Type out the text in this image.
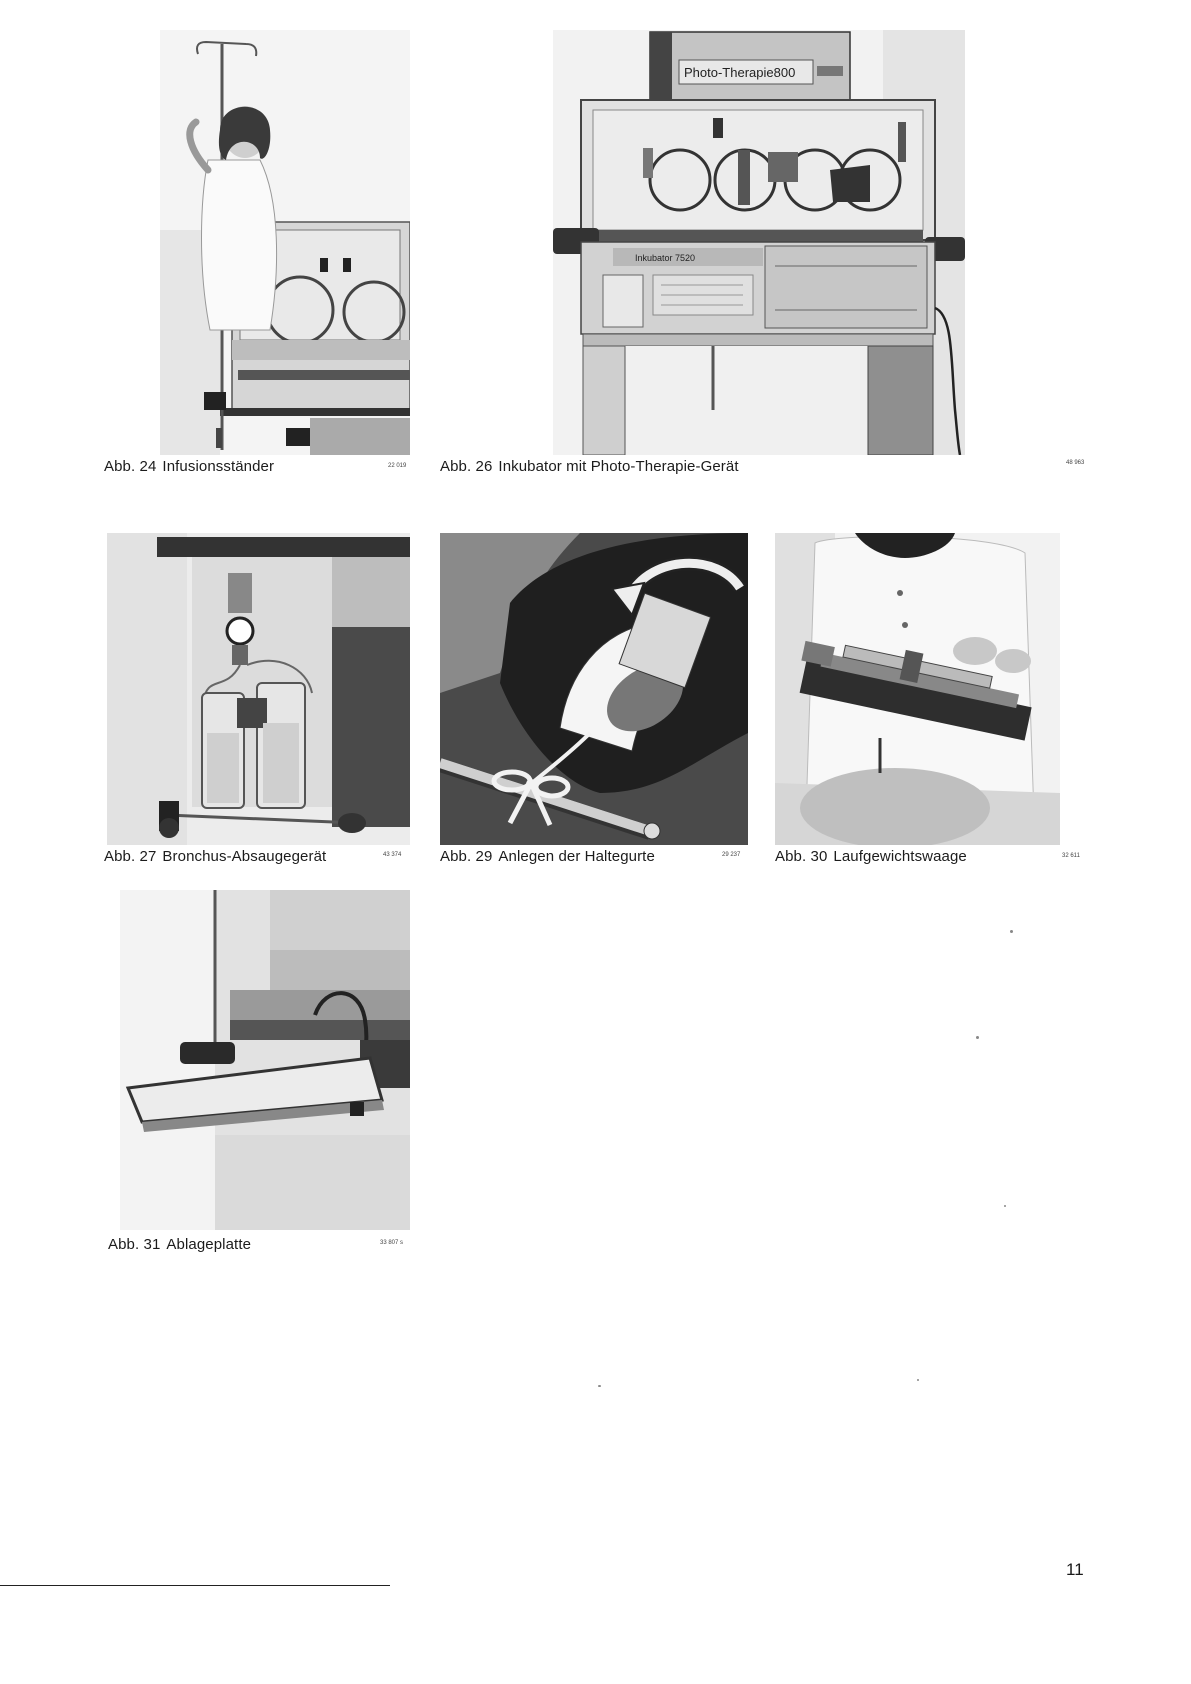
Abb. 24 Infusionsständer	22 019
Photo-Therapie800
Inkubator 7520
Abb. 26 Inkubator mit Photo-Therapie-Gerät	48 963
Abb. 27 Bronchus-Absaugegerät	43 374	Abb. 29 Anlegen der Haltegurte	29 237 Abb. 30 Laufgewichtswaage	32 611
Abb. 31 Ablageplatte	33 807 s
11
